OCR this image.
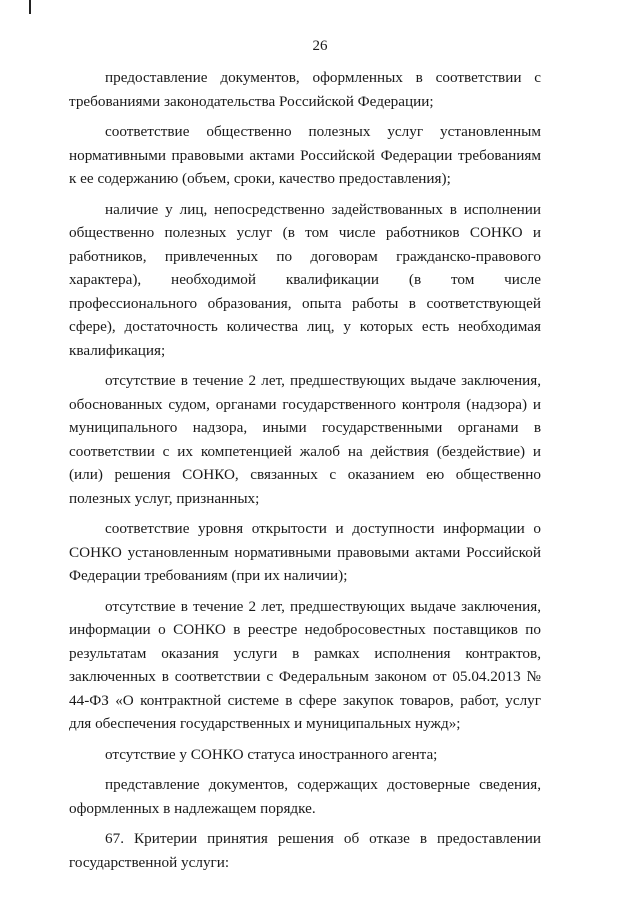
26

предоставление документов, оформленных в соответствии с требованиями законодательства Российской Федерации;

соответствие общественно полезных услуг установленным нормативными правовыми актами Российской Федерации требованиям к ее содержанию (объем, сроки, качество предоставления);

наличие у лиц, непосредственно задействованных в исполнении общественно полезных услуг (в том числе работников СОНКО и работников, привлеченных по договорам гражданско-правового характера), необходимой квалификации (в том числе профессионального образования, опыта работы в соответствующей сфере), достаточность количества лиц, у которых есть необходимая квалификация;

отсутствие в течение 2 лет, предшествующих выдаче заключения, обоснованных судом, органами государственного контроля (надзора) и муниципального надзора, иными государственными органами в соответствии с их компетенцией жалоб на действия (бездействие) и (или) решения СОНКО, связанных с оказанием ею общественно полезных услуг, признанных;

соответствие уровня открытости и доступности информации о СОНКО установленным нормативными правовыми актами Российской Федерации требованиям (при их наличии);

отсутствие в течение 2 лет, предшествующих выдаче заключения, информации о СОНКО в реестре недобросовестных поставщиков по результатам оказания услуги в рамках исполнения контрактов, заключенных в соответствии с Федеральным законом от 05.04.2013 № 44-ФЗ «О контрактной системе в сфере закупок товаров, работ, услуг для обеспечения государственных и муниципальных нужд»;

отсутствие у СОНКО статуса иностранного агента;

представление документов, содержащих достоверные сведения, оформленных в надлежащем порядке.

67. Критерии принятия решения об отказе в предоставлении государственной услуги:
